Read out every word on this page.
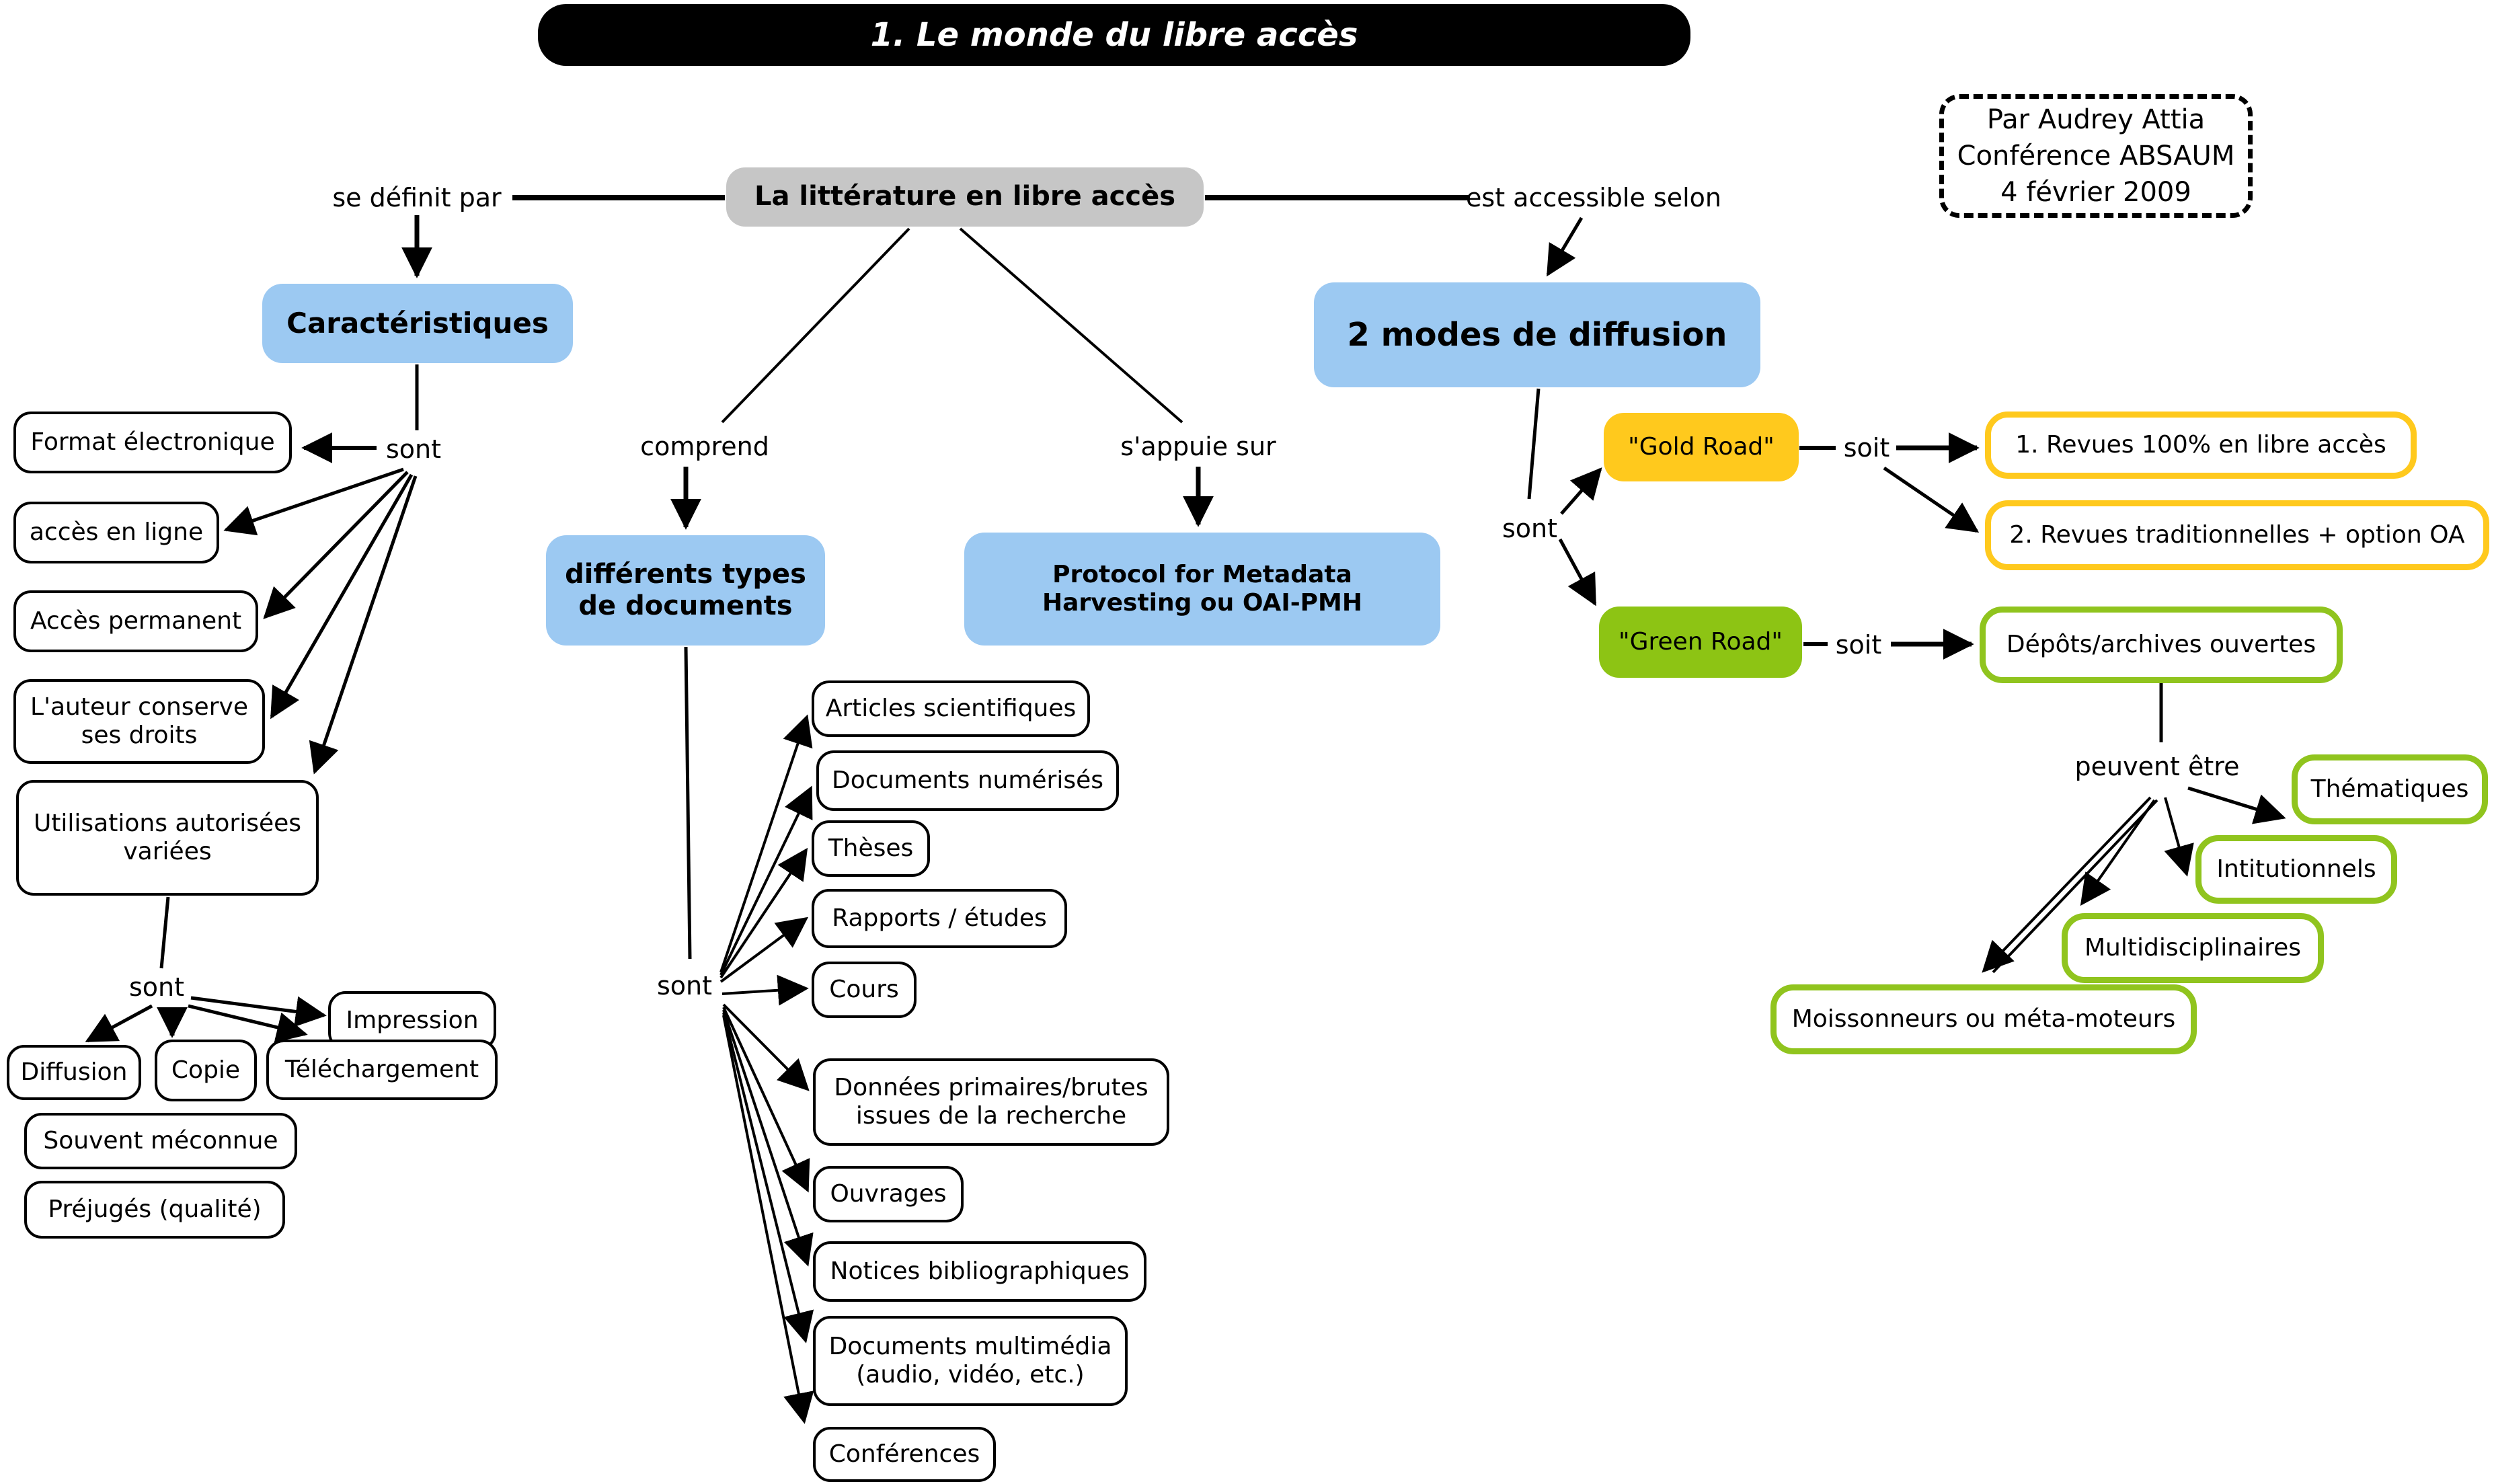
1. Le monde du libre accès
Par Audrey Attia
Conférence ABSAUM
4 février 2009
La littérature en libre accès
se définit par	est accessible selon
Caractéristiques
sont
Format électronique
accès en ligne
Accès permanent
L'auteur conserve ses droits
Utilisations autorisées variées
sont
Impression
Diffusion	Copie	Téléchargement
Souvent méconnue
Préjugés (qualité)
comprend
différents types de documents
sont
Articles scientifiques
Documents numérisés
Thèses
Rapports / études
Cours
Données primaires/brutes issues de la recherche
Ouvrages
Notices bibliographiques
Documents multimédia (audio, vidéo, etc.)
Conférences
s'appuie sur
Protocol for Metadata Harvesting ou OAI-PMH
2 modes de diffusion
sont
"Gold Road"	soit	1. Revues 100% en libre accès
2. Revues traditionnelles + option OA
"Green Road"	soit	Dépôts/archives ouvertes
peuvent être
Thématiques
Intitutionnels
Multidisciplinaires
Moissonneurs ou méta-moteurs
